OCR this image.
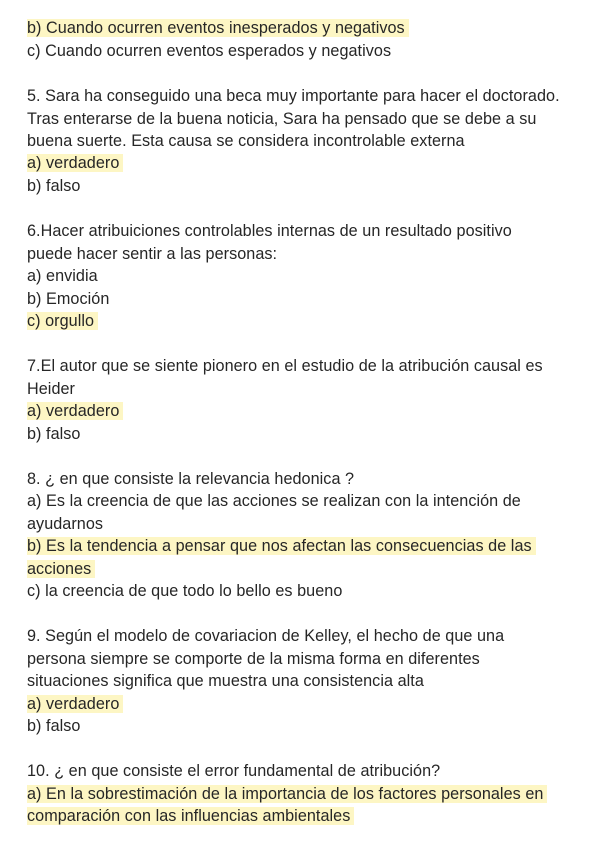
b) Cuando ocurren eventos inesperados y negativos
c) Cuando ocurren eventos esperados y negativos
5. Sara ha conseguido una beca muy importante para hacer el doctorado.
Tras enterarse de la buena noticia, Sara ha pensado que se debe a su
buena suerte. Esta causa se considera incontrolable externa
a) verdadero
b) falso
6.Hacer atribuiciones controlables internas de un resultado positivo
puede hacer sentir a las personas:
a) envidia
b) Emoción
c) orgullo
7.El autor que se siente pionero en el estudio de la atribución causal es
Heider
a) verdadero
b) falso
8. ¿ en que consiste la relevancia hedonica ?
a) Es la creencia de que las acciones se realizan con la intención de
ayudarnos
b) Es la tendencia a pensar que nos afectan las consecuencias de las
acciones
c) la creencia de que todo lo bello es bueno
9. Según el modelo de covariacion de Kelley, el hecho de que una
persona siempre se comporte de la misma forma en diferentes
situaciones significa que muestra una consistencia alta
a) verdadero
b) falso
10. ¿ en que consiste el error fundamental de atribución?
a) En la sobrestimación de la importancia de los factores personales en
comparación con las influencias ambientales
